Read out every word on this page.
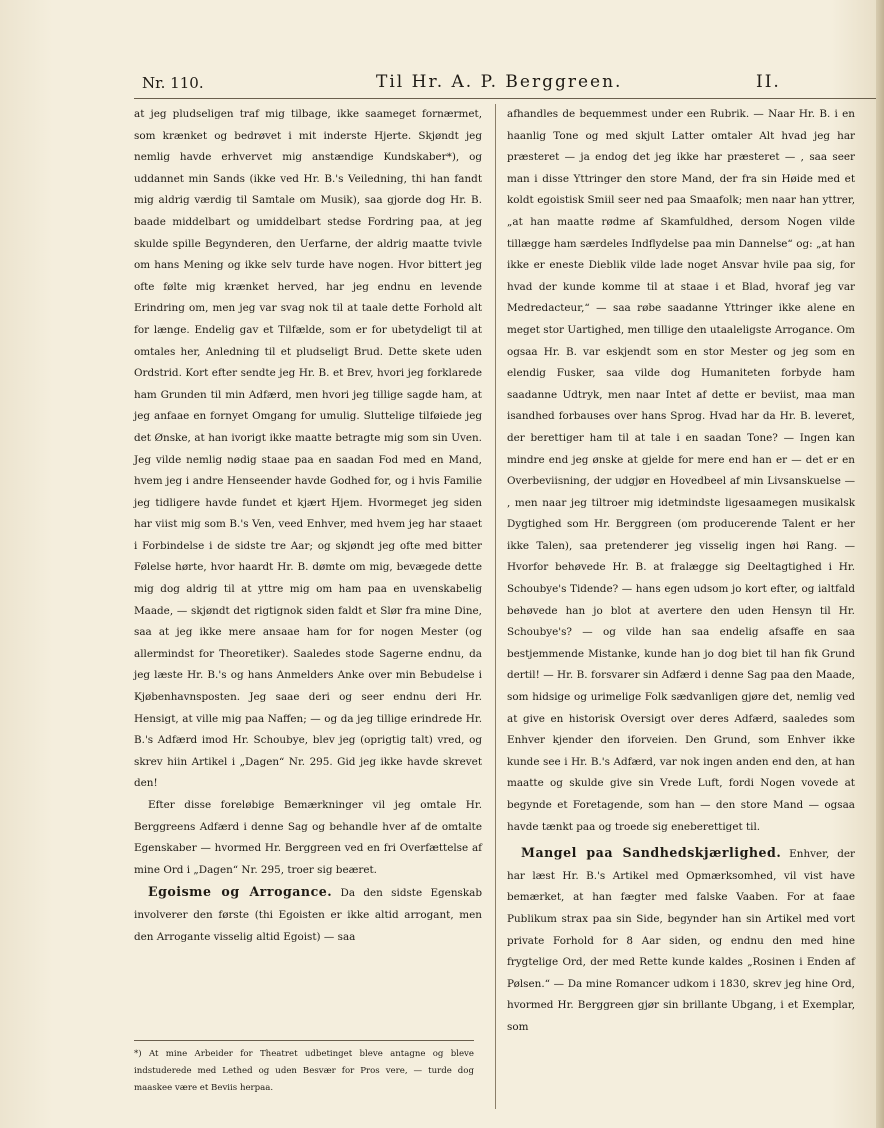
Nr. 110.	Til Hr. A. P. Berggreen.	II.

at jeg pludseligen traf mig tilbage, ikke saameget fornærmet, som krænket og bedrøvet i mit inderste Hjerte. Skjøndt jeg nemlig havde erhvervet mig anstændige Kundskaber*), og uddannet min Sands (ikke ved Hr. B.'s Veiledning, thi han fandt mig aldrig værdig til Samtale om Musik), saa gjorde dog Hr. B. baade middelbart og umiddelbart stedse Fordring paa, at jeg skulde spille Begynderen, den Uerfarne, der aldrig maatte tvivle om hans Mening og ikke selv turde have nogen. Hvor bittert jeg ofte følte mig krænket herved, har jeg endnu en levende Erindring om, men jeg var svag nok til at taale dette Forhold alt for længe. Endelig gav et Tilfælde, som er for ubetydeligt til at omtales her, Anledning til et pludseligt Brud. Dette skete uden Ordstrid. Kort efter sendte jeg Hr. B. et Brev, hvori jeg forklarede ham Grunden til min Adfærd, men hvori jeg tillige sagde ham, at jeg anfaae en fornyet Omgang for umulig. Sluttelige tilføiede jeg det Ønske, at han ivorigt ikke maatte betragte mig som sin Uven. Jeg vilde nemlig nødig staae paa en saadan Fod med en Mand, hvem jeg i andre Henseender havde Godhed for, og i hvis Familie jeg tidligere havde fundet et kjært Hjem. Hvormeget jeg siden har viist mig som B.'s Ven, veed Enhver, med hvem jeg har staaet i Forbindelse i de sidste tre Aar; og skjøndt jeg ofte med bitter Følelse hørte, hvor haardt Hr. B. dømte om mig, bevægede dette mig dog aldrig til at yttre mig om ham paa en uvenskabelig Maade, — skjøndt det rigtignok siden faldt et Slør fra mine Dine, saa at jeg ikke mere ansaae ham for for nogen Mester (og allermindst for Theoretiker). Saaledes stode Sagerne endnu, da jeg læste Hr. B.'s og hans Anmelders Anke over min Bebudelse i Kjøbenhavnsposten. Jeg saae deri og seer endnu deri Hr. Hensigt, at ville mig paa Naffen; — og da jeg tillige erindrede Hr. B.'s Adfærd imod Hr. Schoubye, blev jeg (oprigtig talt) vred, og skrev hiin Artikel i „Dagen“ Nr. 295. Gid jeg ikke havde skrevet den!

Efter disse foreløbige Bemærkninger vil jeg omtale Hr. Berggreens Adfærd i denne Sag og behandle hver af de omtalte Egenskaber — hvormed Hr. Berggreen ved en fri Overfættelse af mine Ord i „Dagen“ Nr. 295, troer sig beæret.

Egoisme og Arrogance. Da den sidste Egenskab involverer den første (thi Egoisten er ikke altid arrogant, men den Arrogante visselig altid Egoist) — saa

afhandles de bequemmest under een Rubrik. — Naar Hr. B. i en haanlig Tone og med skjult Latter omtaler Alt hvad jeg har præsteret — ja endog det jeg ikke har præsteret — , saa seer man i disse Yttringer den store Mand, der fra sin Høide med et koldt egoistisk Smiil seer ned paa Smaafolk; men naar han yttrer, „at han maatte rødme af Skamfuldhed, dersom Nogen vilde tillægge ham særdeles Indflydelse paa min Dannelse“ og: „at han ikke er eneste Dieblik vilde lade noget Ansvar hvile paa sig, for hvad der kunde komme til at staae i et Blad, hvoraf jeg var Medredacteur,“ — saa røbe saadanne Yttringer ikke alene en meget stor Uartighed, men tillige den utaaleligste Arrogance. Om ogsaa Hr. B. var eskjendt som en stor Mester og jeg som en elendig Fusker, saa vilde dog Humaniteten forbyde ham saadanne Udtryk, men naar Intet af dette er beviist, maa man isandhed forbauses over hans Sprog. Hvad har da Hr. B. leveret, der berettiger ham til at tale i en saadan Tone? — Ingen kan mindre end jeg ønske at gjelde for mere end han er — det er en Overbeviisning, der udgjør en Hovedbeel af min Livsanskuelse — , men naar jeg tiltroer mig idetmindste ligesaamegen musikalsk Dygtighed som Hr. Berggreen (om producerende Talent er her ikke Talen), saa pretenderer jeg visselig ingen høi Rang. — Hvorfor behøvede Hr. B. at fralægge sig Deeltagtighed i Hr. Schoubye's Tidende? — hans egen udsom jo kort efter, og ialtfald behøvede han jo blot at avertere den uden Hensyn til Hr. Schoubye's? — og vilde han saa endelig afsaffe en saa bestjemmende Mistanke, kunde han jo dog biet til han fik Grund dertil! — Hr. B. forsvarer sin Adfærd i denne Sag paa den Maade, som hidsige og urimelige Folk sædvanligen gjøre det, nemlig ved at give en historisk Oversigt over deres Adfærd, saaledes som Enhver kjender den iforveien. Den Grund, som Enhver ikke kunde see i Hr. B.'s Adfærd, var nok ingen anden end den, at han maatte og skulde give sin Vrede Luft, fordi Nogen vovede at begynde et Foretagende, som han — den store Mand — ogsaa havde tænkt paa og troede sig eneberettiget til.

Mangel paa Sandhedskjærlighed. Enhver, der har læst Hr. B.'s Artikel med Opmærksomhed, vil vist have bemærket, at han fægter med falske Vaaben. For at faae Publikum strax paa sin Side, begynder han sin Artikel med vort private Forhold for 8 Aar siden, og endnu den med hine frygtelige Ord, der med Rette kunde kaldes „Rosinen i Enden af Pølsen.“ — Da mine Romancer udkom i 1830, skrev jeg hine Ord, hvormed Hr. Berggreen gjør sin brillante Ubgang, i et Exemplar, som

*) At mine Arbeider for Theatret udbetinget bleve antagne og bleve indstuderede med Lethed og uden Besvær for Pros vere, — turde dog maaskee være et Beviis herpaa.
